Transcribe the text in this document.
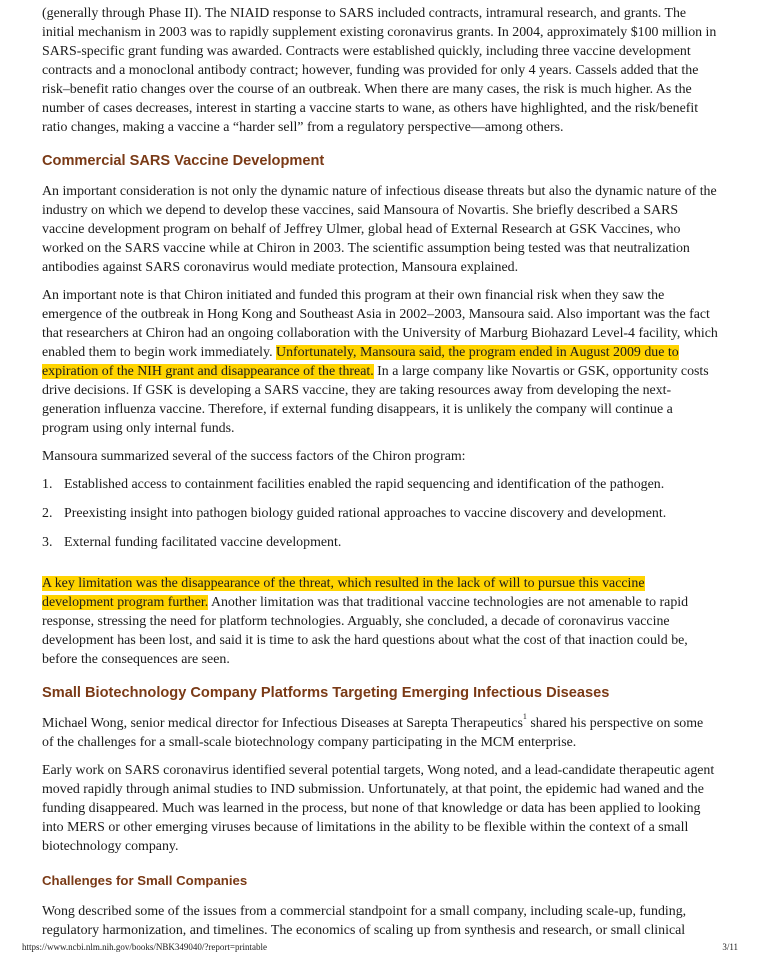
(generally through Phase II). The NIAID response to SARS included contracts, intramural research, and grants. The initial mechanism in 2003 was to rapidly supplement existing coronavirus grants. In 2004, approximately $100 million in SARS-specific grant funding was awarded. Contracts were established quickly, including three vaccine development contracts and a monoclonal antibody contract; however, funding was provided for only 4 years. Cassels added that the risk–benefit ratio changes over the course of an outbreak. When there are many cases, the risk is much higher. As the number of cases decreases, interest in starting a vaccine starts to wane, as others have highlighted, and the risk/benefit ratio changes, making a vaccine a “harder sell” from a regulatory perspective—among others.

Commercial SARS Vaccine Development

An important consideration is not only the dynamic nature of infectious disease threats but also the dynamic nature of the industry on which we depend to develop these vaccines, said Mansoura of Novartis. She briefly described a SARS vaccine development program on behalf of Jeffrey Ulmer, global head of External Research at GSK Vaccines, who worked on the SARS vaccine while at Chiron in 2003. The scientific assumption being tested was that neutralization antibodies against SARS coronavirus would mediate protection, Mansoura explained.

An important note is that Chiron initiated and funded this program at their own financial risk when they saw the emergence of the outbreak in Hong Kong and Southeast Asia in 2002–2003, Mansoura said. Also important was the fact that researchers at Chiron had an ongoing collaboration with the University of Marburg Biohazard Level-4 facility, which enabled them to begin work immediately. Unfortunately, Mansoura said, the program ended in August 2009 due to expiration of the NIH grant and disappearance of the threat. In a large company like Novartis or GSK, opportunity costs drive decisions. If GSK is developing a SARS vaccine, they are taking resources away from developing the next-generation influenza vaccine. Therefore, if external funding disappears, it is unlikely the company will continue a program using only internal funds.

Mansoura summarized several of the success factors of the Chiron program:

1. Established access to containment facilities enabled the rapid sequencing and identification of the pathogen.
2. Preexisting insight into pathogen biology guided rational approaches to vaccine discovery and development.
3. External funding facilitated vaccine development.

A key limitation was the disappearance of the threat, which resulted in the lack of will to pursue this vaccine development program further. Another limitation was that traditional vaccine technologies are not amenable to rapid response, stressing the need for platform technologies. Arguably, she concluded, a decade of coronavirus vaccine development has been lost, and said it is time to ask the hard questions about what the cost of that inaction could be, before the consequences are seen.

Small Biotechnology Company Platforms Targeting Emerging Infectious Diseases

Michael Wong, senior medical director for Infectious Diseases at Sarepta Therapeutics$^1$ shared his perspective on some of the challenges for a small-scale biotechnology company participating in the MCM enterprise.

Early work on SARS coronavirus identified several potential targets, Wong noted, and a lead-candidate therapeutic agent moved rapidly through animal studies to IND submission. Unfortunately, at that point, the epidemic had waned and the funding disappeared. Much was learned in the process, but none of that knowledge or data has been applied to looking into MERS or other emerging viruses because of limitations in the ability to be flexible within the context of a small biotechnology company.

Challenges for Small Companies

Wong described some of the issues from a commercial standpoint for a small company, including scale-up, funding, regulatory harmonization, and timelines. The economics of scaling up from synthesis and research, or small clinical

https://www.ncbi.nlm.nih.gov/books/NBK349040/?report=printable	3/11
